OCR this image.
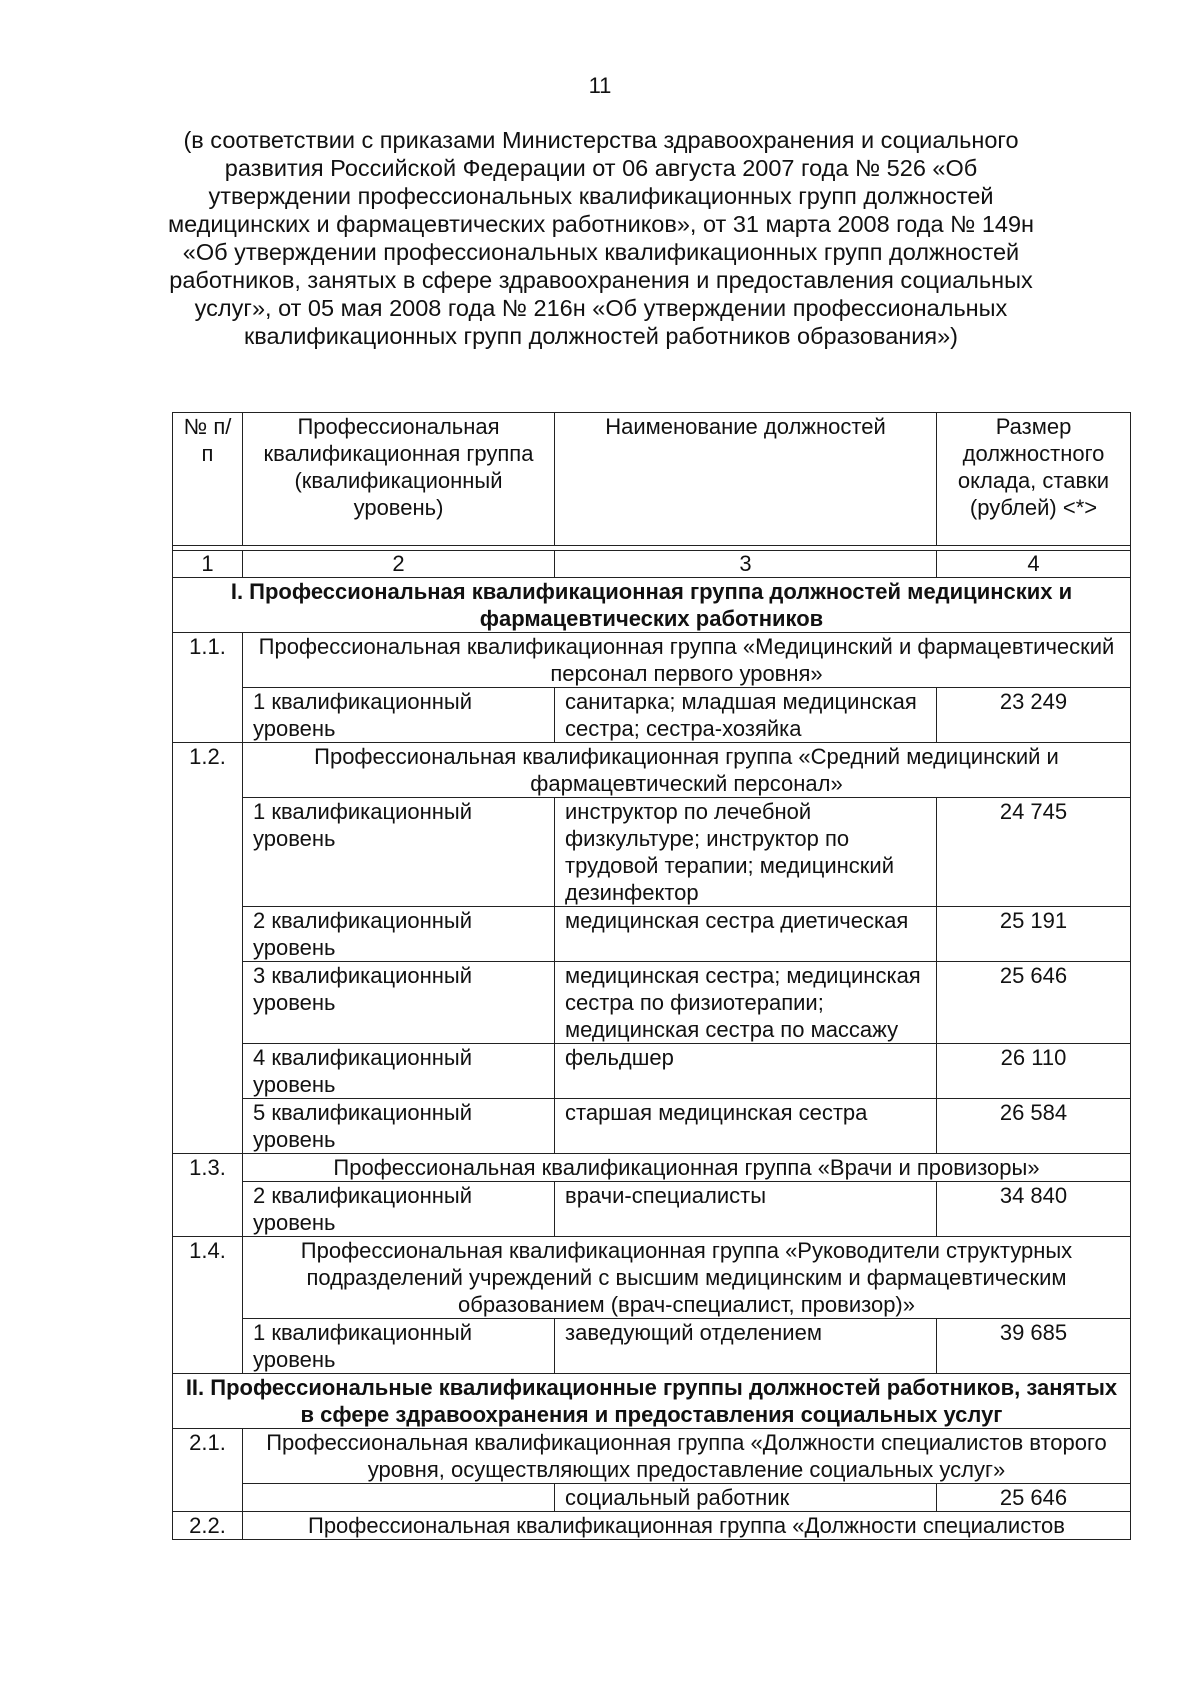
11
(в соответствии с приказами Министерства здравоохранения и социального
развития Российской Федерации от 06 августа 2007 года № 526 «Об
утверждении профессиональных квалификационных групп должностей
медицинских и фармацевтических работников», от 31 марта 2008 года № 149н
«Об утверждении профессиональных квалификационных групп должностей
работников, занятых в сфере здравоохранения и предоставления социальных
услуг», от 05 мая 2008 года № 216н «Об утверждении профессиональных
квалификационных групп должностей работников образования»)
№ п/п	Профессиональная квалификационная группа (квалификационный уровень)	Наименование должностей	Размер должностного оклада, ставки (рублей) <*>

1	2	3	4
I. Профессиональная квалификационная группа должностей медицинских и фармацевтических работников			
1.1.	Профессиональная квалификационная группа «Медицинский и фармацевтический персонал первого уровня»		
	1 квалификационный уровень	санитарка; младшая медицинская сестра; сестра-хозяйка	23 249
1.2.	Профессиональная квалификационная группа «Средний медицинский и фармацевтический персонал»		
	1 квалификационный уровень	инструктор по лечебной физкультуре; инструктор по трудовой терапии; медицинский дезинфектор	24 745
	2 квалификационный уровень	медицинская сестра диетическая	25 191
	3 квалификационный уровень	медицинская сестра; медицинская сестра по физиотерапии; медицинская сестра по массажу	25 646
	4 квалификационный уровень	фельдшер	26 110
	5 квалификационный уровень	старшая медицинская сестра	26 584
1.3.	Профессиональная квалификационная группа «Врачи и провизоры»		
	2 квалификационный уровень	врачи-специалисты	34 840
1.4.	Профессиональная квалификационная группа «Руководители структурных подразделений учреждений с высшим медицинским и фармацевтическим образованием (врач-специалист, провизор)»		
	1 квалификационный уровень	заведующий отделением	39 685
II. Профессиональные квалификационные группы должностей работников, занятых в сфере здравоохранения и предоставления социальных услуг			
2.1.	Профессиональная квалификационная группа «Должности специалистов второго уровня, осуществляющих предоставление социальных услуг»		
		социальный работник	25 646
2.2.	Профессиональная квалификационная группа «Должности специалистов		
